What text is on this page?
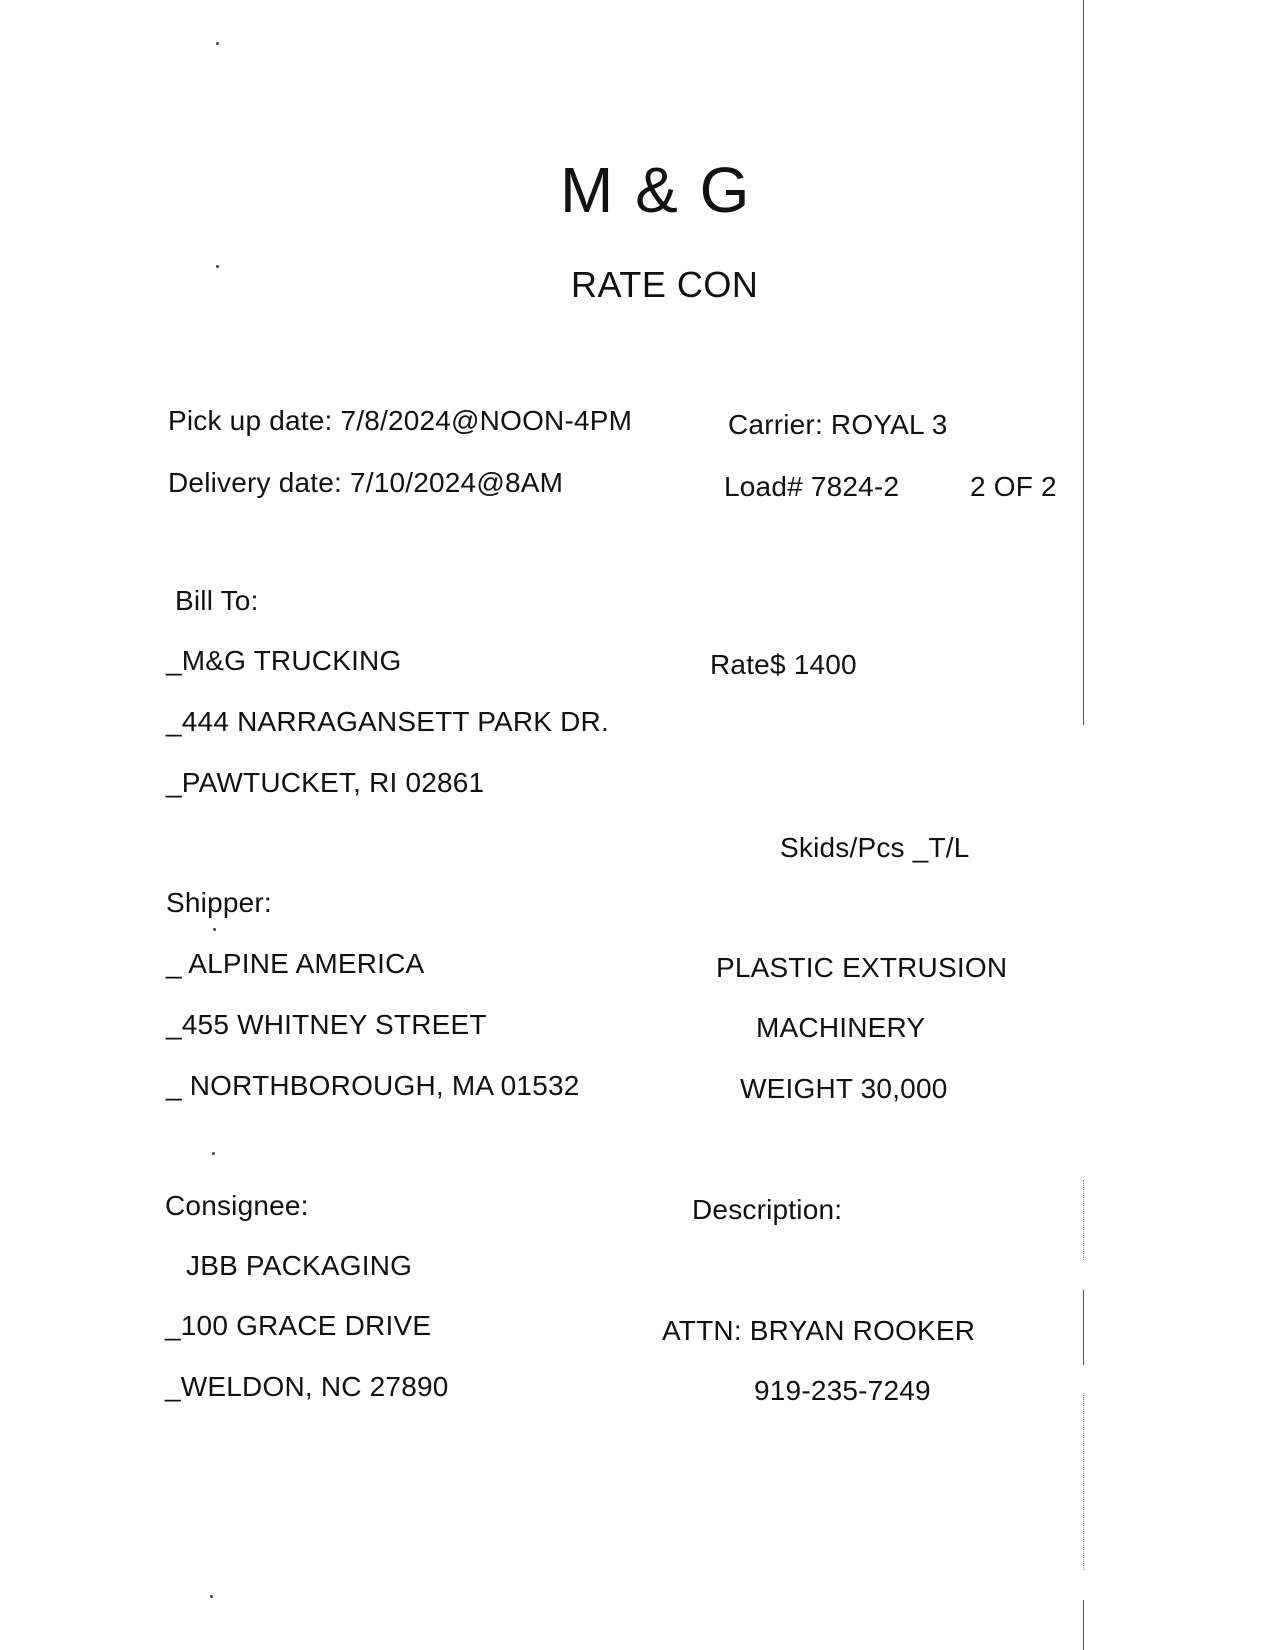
M & G
RATE CON
Pick up date: 7/8/2024@NOON-4PM
Delivery date: 7/10/2024@8AM
Carrier: ROYAL 3
Load# 7824-2	2 OF 2
Bill To:
_M&G TRUCKING
_444 NARRAGANSETT PARK DR.
_PAWTUCKET, RI 02861
Rate$ 1400
Skids/Pcs _T/L
Shipper:
_ ALPINE AMERICA
_455 WHITNEY STREET
_ NORTHBOROUGH, MA 01532
PLASTIC EXTRUSION
MACHINERY
WEIGHT 30,000
Consignee:
JBB PACKAGING
_100 GRACE DRIVE
_WELDON, NC 27890
Description:
ATTN: BRYAN ROOKER
919-235-7249
